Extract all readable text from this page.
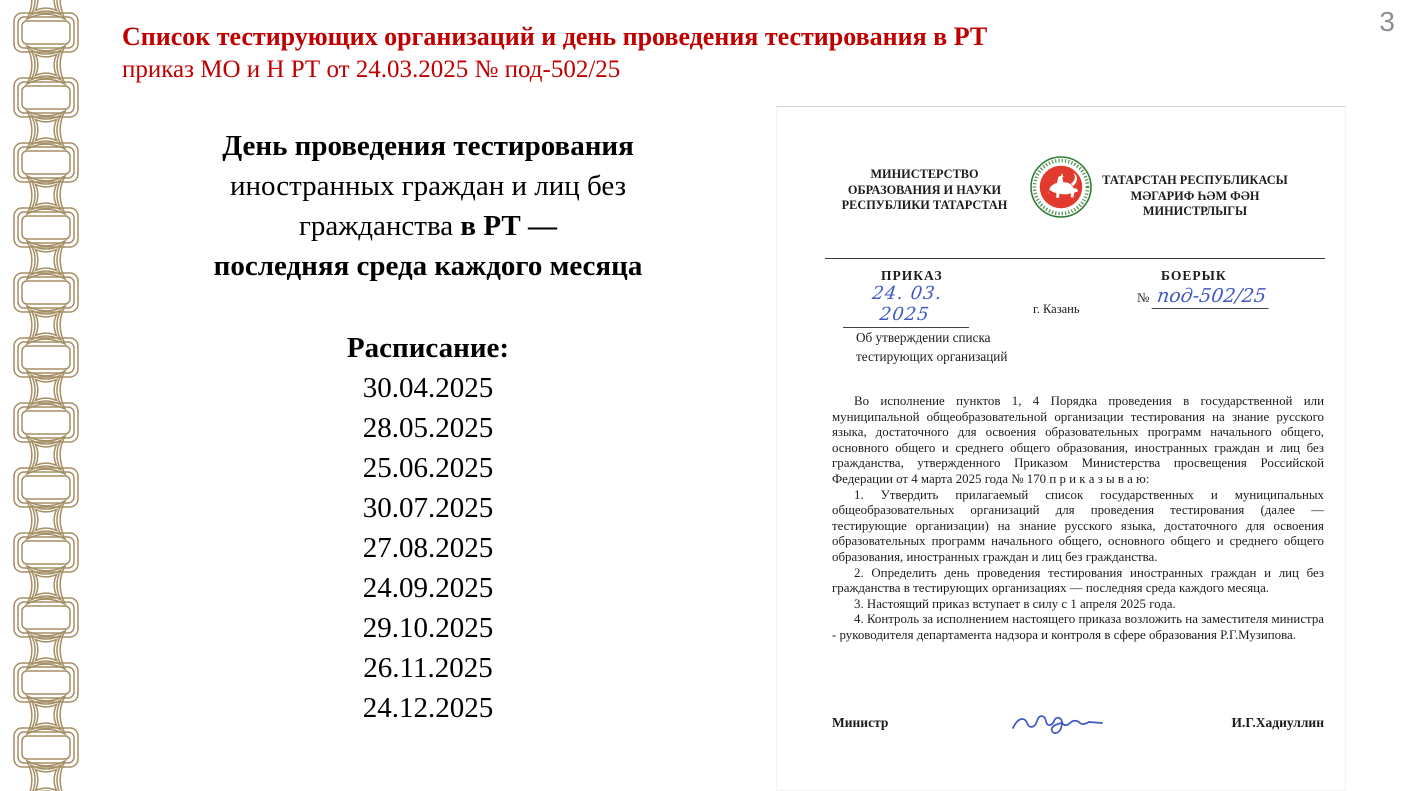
3
Список тестирующих организаций и день проведения тестирования в РТ
приказ МО и Н РТ от 24.03.2025 № под-502/25
День проведения тестирования
иностранных граждан и лиц без
гражданства в РТ —
последняя среда каждого месяца
Расписание:
30.04.2025
28.05.2025
25.06.2025
30.07.2025
27.08.2025
24.09.2025
29.10.2025
26.11.2025
24.12.2025
МИНИСТЕРСТВО
ОБРАЗОВАНИЯ И НАУКИ
РЕСПУБЛИКИ ТАТАРСТАН
ТАТАРСТАН РЕСПУБЛИКАСЫ
МӘГАРИФ ҺӘМ ФӘН
МИНИСТРЛЫГЫ
ПРИКАЗ	БОЕРЫК
24. 03. 2025	г. Казань
№ под-502/25
Об утверждении списка
тестирующих организаций

Во исполнение пунктов 1, 4 Порядка проведения в государственной или муниципальной общеобразовательной организации тестирования на знание русского языка, достаточного для освоения образовательных программ начального общего, основного общего и среднего общего образования, иностранных граждан и лиц без гражданства, утвержденного Приказом Министерства просвещения Российской Федерации от 4 марта 2025 года № 170 п р и к а з ы в а ю:

1. Утвердить прилагаемый список государственных и муниципальных общеобразовательных организаций для проведения тестирования (далее — тестирующие организации) на знание русского языка, достаточного для освоения образовательных программ начального общего, основного общего и среднего общего образования, иностранных граждан и лиц без гражданства.

2. Определить день проведения тестирования иностранных граждан и лиц без гражданства в тестирующих организациях — последняя среда каждого месяца.

3. Настоящий приказ вступает в силу с 1 апреля 2025 года.

4. Контроль за исполнением настоящего приказа возложить на заместителя министра - руководителя департамента надзора и контроля в сфере образования Р.Г.Музипова.

Министр	И.Г.Хадиуллин
